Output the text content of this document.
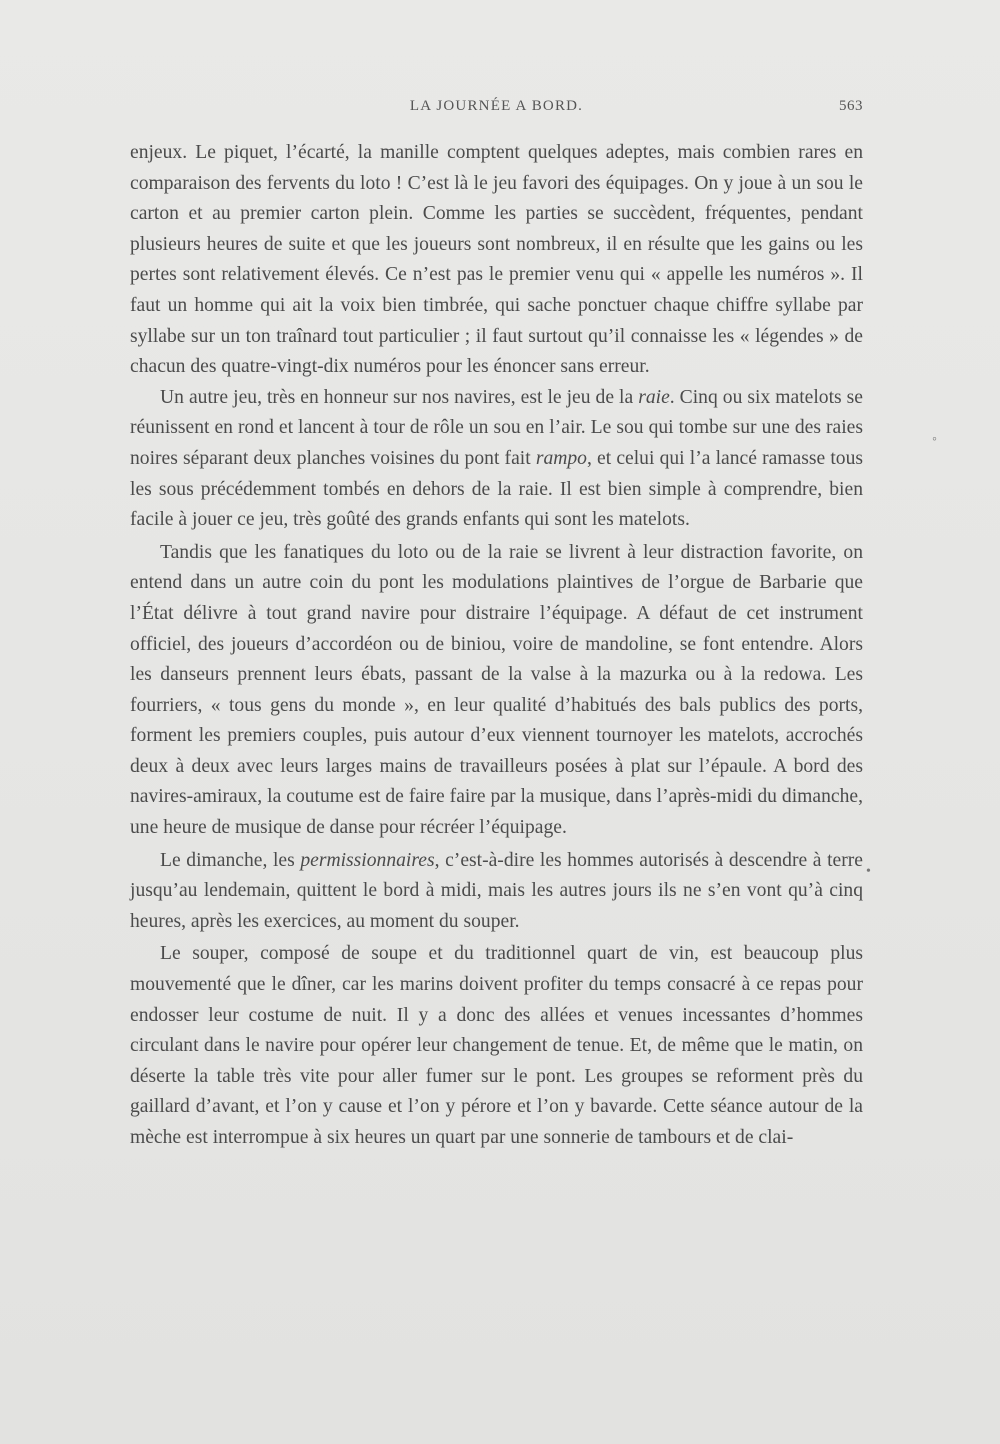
LA JOURNÉE A BORD.	563

enjeux. Le piquet, l’écarté, la manille comptent quelques adeptes, mais combien rares en comparaison des fervents du loto ! C’est là le jeu favori des équipages. On y joue à un sou le carton et au premier carton plein. Comme les parties se succèdent, fréquentes, pendant plusieurs heures de suite et que les joueurs sont nombreux, il en résulte que les gains ou les pertes sont relativement élevés. Ce n’est pas le premier venu qui « appelle les numéros ». Il faut un homme qui ait la voix bien timbrée, qui sache ponctuer chaque chiffre syllabe par syllabe sur un ton traînard tout particulier ; il faut surtout qu’il connaisse les « légendes » de chacun des quatre-vingt-dix numéros pour les énoncer sans erreur.

Un autre jeu, très en honneur sur nos navires, est le jeu de la raie. Cinq ou six matelots se réunissent en rond et lancent à tour de rôle un sou en l’air. Le sou qui tombe sur une des raies noires séparant deux planches voisines du pont fait rampo, et celui qui l’a lancé ramasse tous les sous précédemment tombés en dehors de la raie. Il est bien simple à comprendre, bien facile à jouer ce jeu, très goûté des grands enfants qui sont les matelots.

Tandis que les fanatiques du loto ou de la raie se livrent à leur distraction favorite, on entend dans un autre coin du pont les modulations plaintives de l’orgue de Barbarie que l’État délivre à tout grand navire pour distraire l’équipage. A défaut de cet instrument officiel, des joueurs d’accordéon ou de biniou, voire de mandoline, se font entendre. Alors les danseurs prennent leurs ébats, passant de la valse à la mazurka ou à la redowa. Les fourriers, « tous gens du monde », en leur qualité d’habitués des bals publics des ports, forment les premiers couples, puis autour d’eux viennent tournoyer les matelots, accrochés deux à deux avec leurs larges mains de travailleurs posées à plat sur l’épaule. A bord des navires-amiraux, la coutume est de faire faire par la musique, dans l’après-midi du dimanche, une heure de musique de danse pour récréer l’équipage.

Le dimanche, les permissionnaires, c’est-à-dire les hommes autorisés à descendre à terre jusqu’au lendemain, quittent le bord à midi, mais les autres jours ils ne s’en vont qu’à cinq heures, après les exercices, au moment du souper.

Le souper, composé de soupe et du traditionnel quart de vin, est beaucoup plus mouvementé que le dîner, car les marins doivent profiter du temps consacré à ce repas pour endosser leur costume de nuit. Il y a donc des allées et venues incessantes d’hommes circulant dans le navire pour opérer leur changement de tenue. Et, de même que le matin, on déserte la table très vite pour aller fumer sur le pont. Les groupes se reforment près du gaillard d’avant, et l’on y cause et l’on y pérore et l’on y bavarde. Cette séance autour de la mèche est interrompue à six heures un quart par une sonnerie de tambours et de clai-

◦
•
